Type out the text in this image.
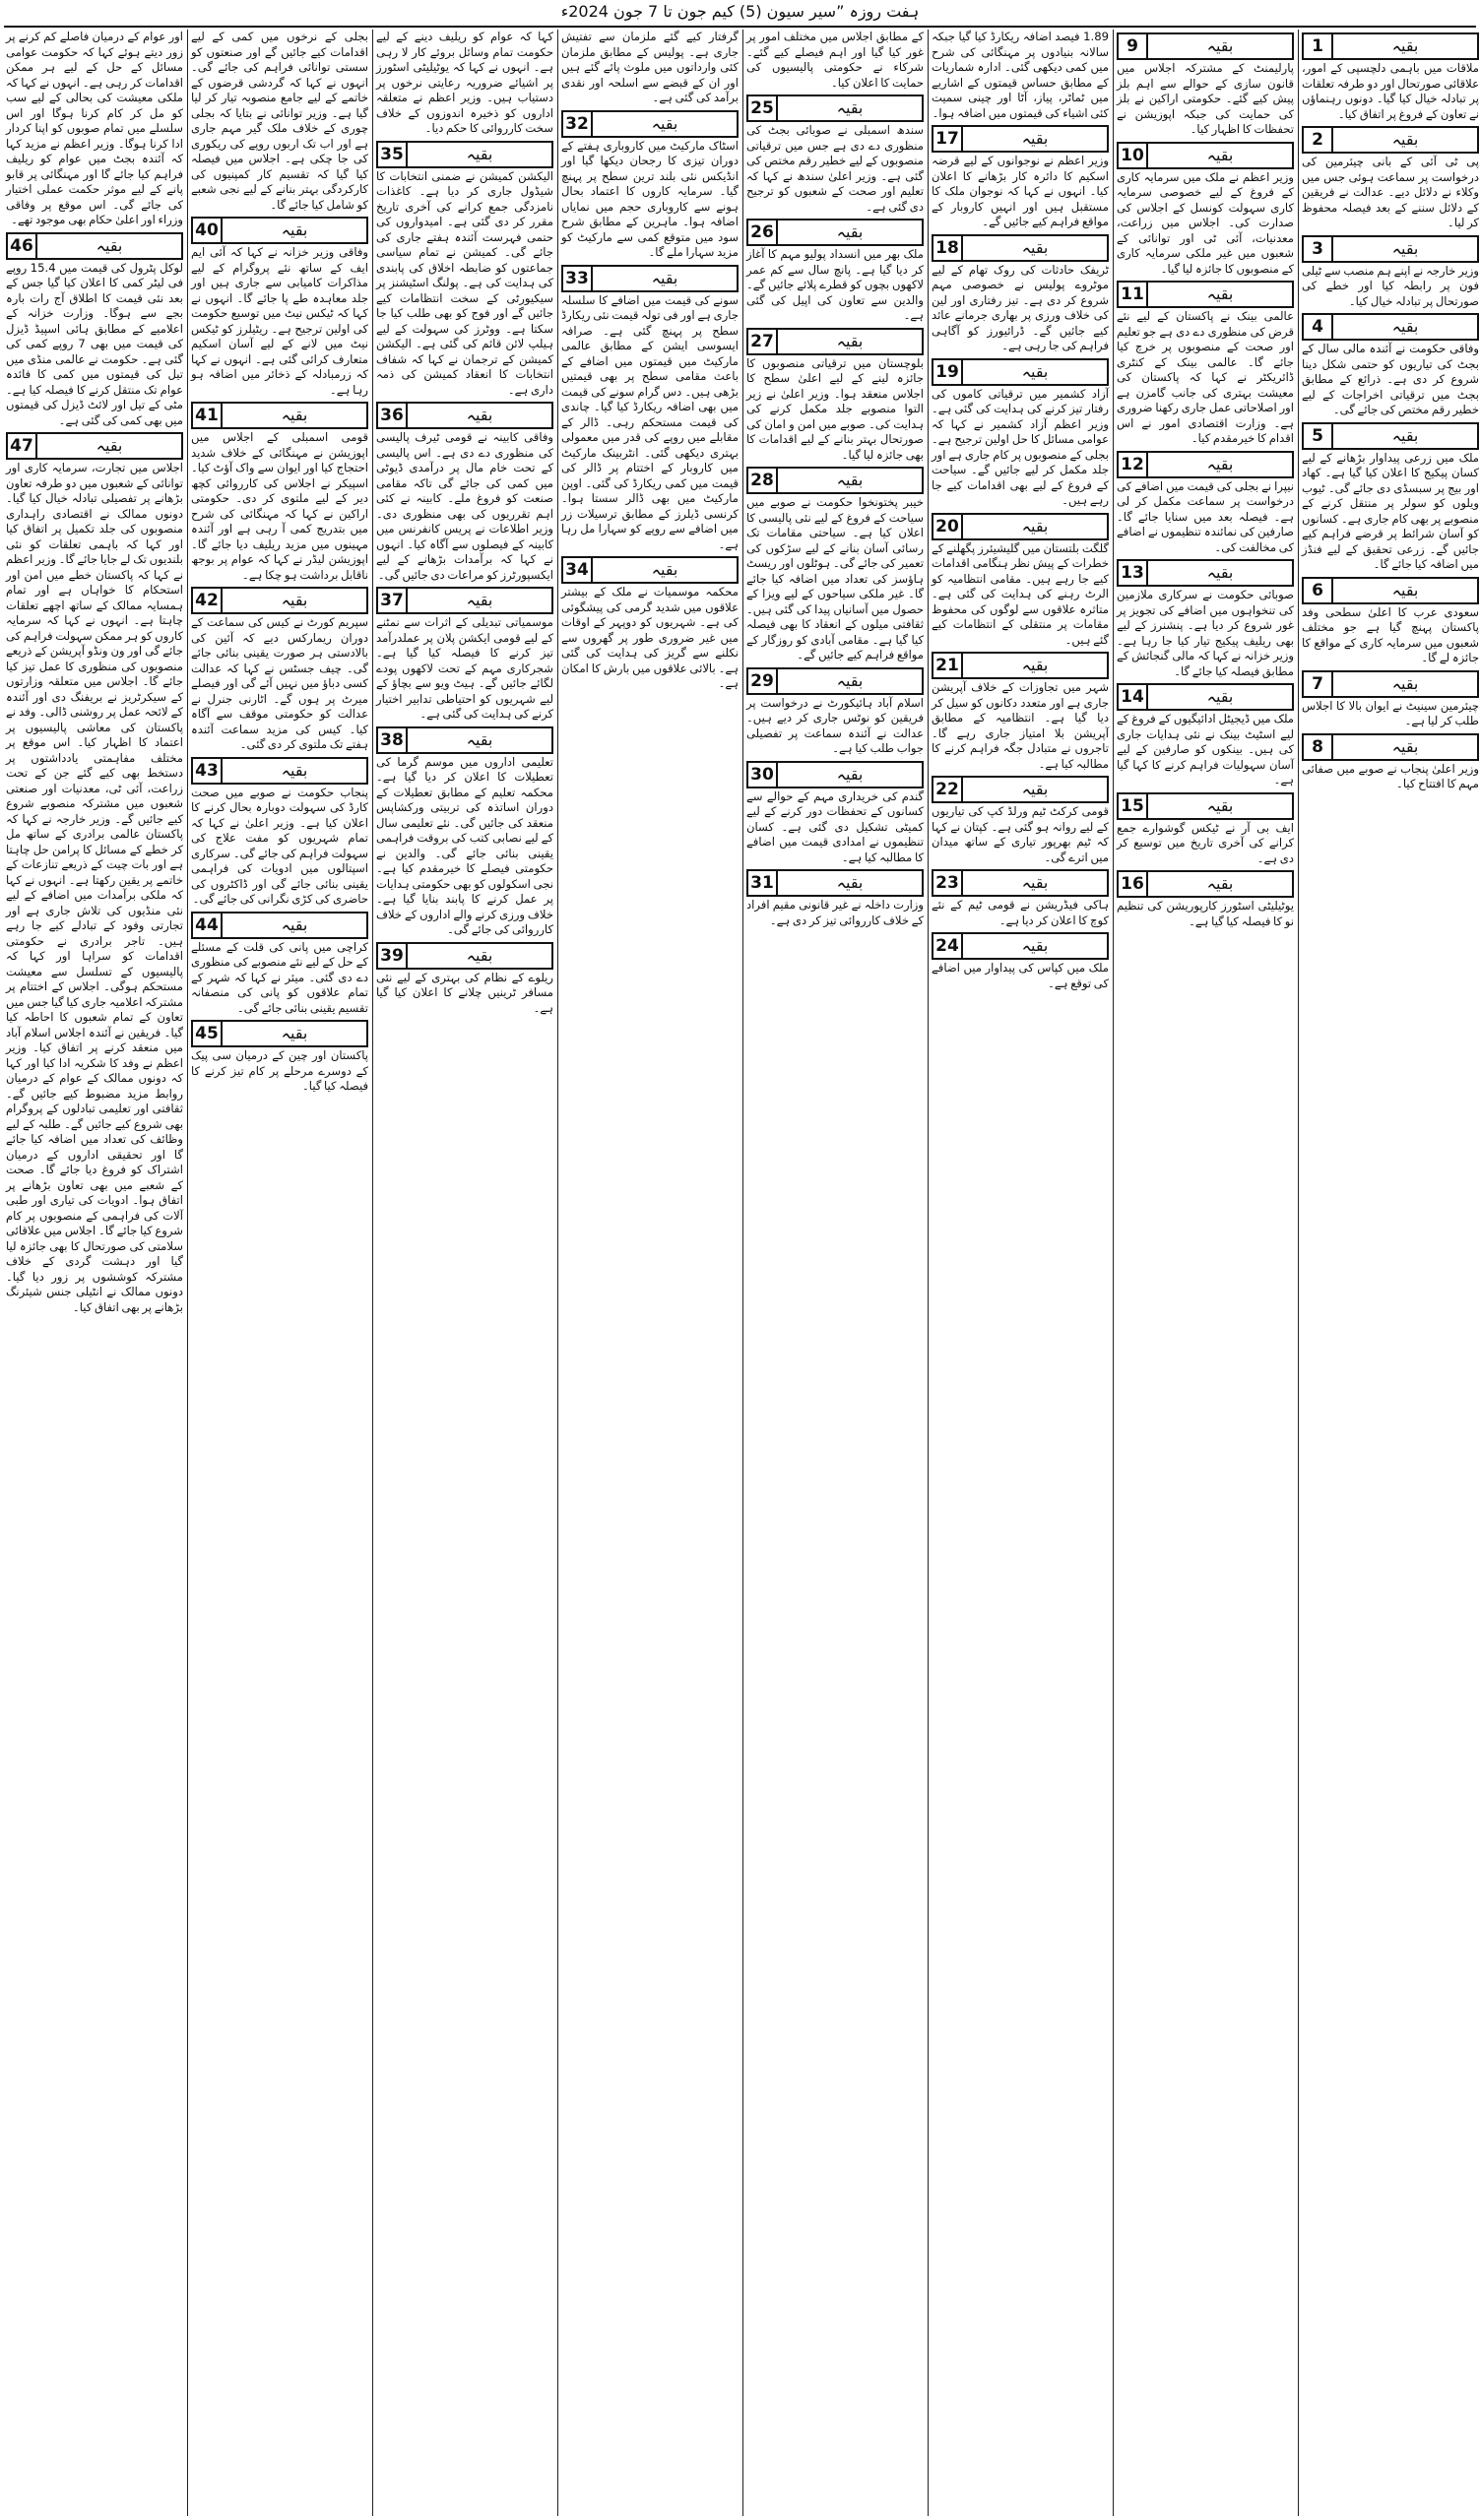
ہفت روزہ ”سیر سیون (5) کیم جون تا 7 جون 2024ء
اور عوام کے درمیان فاصلے کم کرنے پر زور دیتے ہوئے کہا کہ حکومت عوامی مسائل کے حل کے لیے ہر ممکن اقدامات کر رہی ہے۔ انہوں نے کہا کہ ملکی معیشت کی بحالی کے لیے سب کو مل کر کام کرنا ہوگا اور اس سلسلے میں تمام صوبوں کو اپنا کردار ادا کرنا ہوگا۔ وزیر اعظم نے مزید کہا کہ آئندہ بجٹ میں عوام کو ریلیف فراہم کیا جائے گا اور مہنگائی پر قابو پانے کے لیے موثر حکمت عملی اختیار کی جائے گی۔ اس موقع پر وفاقی وزراء اور اعلیٰ حکام بھی موجود تھے۔
46	بقیہ
لوکل پٹرول کی قیمت میں 15.4 روپے فی لیٹر کمی کا اعلان کیا گیا جس کے بعد نئی قیمت کا اطلاق آج رات بارہ بجے سے ہوگا۔ وزارت خزانہ کے اعلامیے کے مطابق ہائی اسپیڈ ڈیزل کی قیمت میں بھی 7 روپے کمی کی گئی ہے۔ حکومت نے عالمی منڈی میں تیل کی قیمتوں میں کمی کا فائدہ عوام تک منتقل کرنے کا فیصلہ کیا ہے۔ مٹی کے تیل اور لائٹ ڈیزل کی قیمتوں میں بھی کمی کی گئی ہے۔
47	بقیہ
اجلاس میں تجارت، سرمایہ کاری اور توانائی کے شعبوں میں دو طرفہ تعاون بڑھانے پر تفصیلی تبادلہ خیال کیا گیا۔ دونوں ممالک نے اقتصادی راہداری منصوبوں کی جلد تکمیل پر اتفاق کیا اور کہا کہ باہمی تعلقات کو نئی بلندیوں تک لے جایا جائے گا۔ وزیر اعظم نے کہا کہ پاکستان خطے میں امن اور استحکام کا خواہاں ہے اور تمام ہمسایہ ممالک کے ساتھ اچھے تعلقات چاہتا ہے۔ انہوں نے کہا کہ سرمایہ کاروں کو ہر ممکن سہولت فراہم کی جائے گی اور ون ونڈو آپریشن کے ذریعے منصوبوں کی منظوری کا عمل تیز کیا جائے گا۔ اجلاس میں متعلقہ وزارتوں کے سیکرٹریز نے بریفنگ دی اور آئندہ کے لائحہ عمل پر روشنی ڈالی۔ وفد نے پاکستان کی معاشی پالیسیوں پر اعتماد کا اظہار کیا۔ اس موقع پر مختلف مفاہمتی یادداشتوں پر دستخط بھی کیے گئے جن کے تحت زراعت، آئی ٹی، معدنیات اور صنعتی شعبوں میں مشترکہ منصوبے شروع کیے جائیں گے۔ وزیر خارجہ نے کہا کہ پاکستان عالمی برادری کے ساتھ مل کر خطے کے مسائل کا پرامن حل چاہتا ہے اور بات چیت کے ذریعے تنازعات کے خاتمے پر یقین رکھتا ہے۔ انہوں نے کہا کہ ملکی برآمدات میں اضافے کے لیے نئی منڈیوں کی تلاش جاری ہے اور تجارتی وفود کے تبادلے کیے جا رہے ہیں۔ تاجر برادری نے حکومتی اقدامات کو سراہا اور کہا کہ پالیسیوں کے تسلسل سے معیشت مستحکم ہوگی۔ اجلاس کے اختتام پر مشترکہ اعلامیہ جاری کیا گیا جس میں تعاون کے تمام شعبوں کا احاطہ کیا گیا۔ فریقین نے آئندہ اجلاس اسلام آباد میں منعقد کرنے پر اتفاق کیا۔ وزیر اعظم نے وفد کا شکریہ ادا کیا اور کہا کہ دونوں ممالک کے عوام کے درمیان روابط مزید مضبوط کیے جائیں گے۔ ثقافتی اور تعلیمی تبادلوں کے پروگرام بھی شروع کیے جائیں گے۔ طلبہ کے لیے وظائف کی تعداد میں اضافہ کیا جائے گا اور تحقیقی اداروں کے درمیان اشتراک کو فروغ دیا جائے گا۔ صحت کے شعبے میں بھی تعاون بڑھانے پر اتفاق ہوا۔ ادویات کی تیاری اور طبی آلات کی فراہمی کے منصوبوں پر کام شروع کیا جائے گا۔ اجلاس میں علاقائی سلامتی کی صورتحال کا بھی جائزہ لیا گیا اور دہشت گردی کے خلاف مشترکہ کوششوں پر زور دیا گیا۔ دونوں ممالک نے انٹیلی جنس شیئرنگ بڑھانے پر بھی اتفاق کیا۔
بجلی کے نرخوں میں کمی کے لیے اقدامات کیے جائیں گے اور صنعتوں کو سستی توانائی فراہم کی جائے گی۔ انہوں نے کہا کہ گردشی قرضوں کے خاتمے کے لیے جامع منصوبہ تیار کر لیا گیا ہے۔ وزیر توانائی نے بتایا کہ بجلی چوری کے خلاف ملک گیر مہم جاری ہے اور اب تک اربوں روپے کی ریکوری کی جا چکی ہے۔ اجلاس میں فیصلہ کیا گیا کہ تقسیم کار کمپنیوں کی کارکردگی بہتر بنانے کے لیے نجی شعبے کو شامل کیا جائے گا۔
40	بقیہ
وفاقی وزیر خزانہ نے کہا کہ آئی ایم ایف کے ساتھ نئے پروگرام کے لیے مذاکرات کامیابی سے جاری ہیں اور جلد معاہدہ طے پا جائے گا۔ انہوں نے کہا کہ ٹیکس نیٹ میں توسیع حکومت کی اولین ترجیح ہے۔ ریٹیلرز کو ٹیکس نیٹ میں لانے کے لیے آسان اسکیم متعارف کرائی گئی ہے۔ انہوں نے کہا کہ زرمبادلہ کے ذخائر میں اضافہ ہو رہا ہے۔
41	بقیہ
قومی اسمبلی کے اجلاس میں اپوزیشن نے مہنگائی کے خلاف شدید احتجاج کیا اور ایوان سے واک آؤٹ کیا۔ اسپیکر نے اجلاس کی کارروائی کچھ دیر کے لیے ملتوی کر دی۔ حکومتی اراکین نے کہا کہ مہنگائی کی شرح میں بتدریج کمی آ رہی ہے اور آئندہ مہینوں میں مزید ریلیف دیا جائے گا۔ اپوزیشن لیڈر نے کہا کہ عوام پر بوجھ ناقابل برداشت ہو چکا ہے۔
42	بقیہ
سپریم کورٹ نے کیس کی سماعت کے دوران ریمارکس دیے کہ آئین کی بالادستی ہر صورت یقینی بنائی جائے گی۔ چیف جسٹس نے کہا کہ عدالت کسی دباؤ میں نہیں آئے گی اور فیصلے میرٹ پر ہوں گے۔ اٹارنی جنرل نے عدالت کو حکومتی موقف سے آگاہ کیا۔ کیس کی مزید سماعت آئندہ ہفتے تک ملتوی کر دی گئی۔
43	بقیہ
پنجاب حکومت نے صوبے میں صحت کارڈ کی سہولت دوبارہ بحال کرنے کا اعلان کیا ہے۔ وزیر اعلیٰ نے کہا کہ تمام شہریوں کو مفت علاج کی سہولت فراہم کی جائے گی۔ سرکاری اسپتالوں میں ادویات کی فراہمی یقینی بنائی جائے گی اور ڈاکٹروں کی حاضری کی کڑی نگرانی کی جائے گی۔
44	بقیہ
کراچی میں پانی کی قلت کے مسئلے کے حل کے لیے نئے منصوبے کی منظوری دے دی گئی۔ میئر نے کہا کہ شہر کے تمام علاقوں کو پانی کی منصفانہ تقسیم یقینی بنائی جائے گی۔
45	بقیہ
پاکستان اور چین کے درمیان سی پیک کے دوسرے مرحلے پر کام تیز کرنے کا فیصلہ کیا گیا۔
کہا کہ عوام کو ریلیف دینے کے لیے حکومت تمام وسائل بروئے کار لا رہی ہے۔ انہوں نے کہا کہ یوٹیلیٹی اسٹورز پر اشیائے ضروریہ رعایتی نرخوں پر دستیاب ہیں۔ وزیر اعظم نے متعلقہ اداروں کو ذخیرہ اندوزوں کے خلاف سخت کارروائی کا حکم دیا۔
35	بقیہ
الیکشن کمیشن نے ضمنی انتخابات کا شیڈول جاری کر دیا ہے۔ کاغذات نامزدگی جمع کرانے کی آخری تاریخ مقرر کر دی گئی ہے۔ امیدواروں کی حتمی فہرست آئندہ ہفتے جاری کی جائے گی۔ کمیشن نے تمام سیاسی جماعتوں کو ضابطہ اخلاق کی پابندی کی ہدایت کی ہے۔ پولنگ اسٹیشنز پر سیکیورٹی کے سخت انتظامات کیے جائیں گے اور فوج کو بھی طلب کیا جا سکتا ہے۔ ووٹرز کی سہولت کے لیے ہیلپ لائن قائم کی گئی ہے۔ الیکشن کمیشن کے ترجمان نے کہا کہ شفاف انتخابات کا انعقاد کمیشن کی ذمہ داری ہے۔
36	بقیہ
وفاقی کابینہ نے قومی ٹیرف پالیسی کی منظوری دے دی ہے۔ اس پالیسی کے تحت خام مال پر درآمدی ڈیوٹی میں کمی کی جائے گی تاکہ مقامی صنعت کو فروغ ملے۔ کابینہ نے کئی اہم تقرریوں کی بھی منظوری دی۔ وزیر اطلاعات نے پریس کانفرنس میں کابینہ کے فیصلوں سے آگاہ کیا۔ انہوں نے کہا کہ برآمدات بڑھانے کے لیے ایکسپورٹرز کو مراعات دی جائیں گی۔
37	بقیہ
موسمیاتی تبدیلی کے اثرات سے نمٹنے کے لیے قومی ایکشن پلان پر عملدرآمد تیز کرنے کا فیصلہ کیا گیا ہے۔ شجرکاری مہم کے تحت لاکھوں پودے لگائے جائیں گے۔ ہیٹ ویو سے بچاؤ کے لیے شہریوں کو احتیاطی تدابیر اختیار کرنے کی ہدایت کی گئی ہے۔
38	بقیہ
تعلیمی اداروں میں موسم گرما کی تعطیلات کا اعلان کر دیا گیا ہے۔ محکمہ تعلیم کے مطابق تعطیلات کے دوران اساتذہ کی تربیتی ورکشاپس منعقد کی جائیں گی۔ نئے تعلیمی سال کے لیے نصابی کتب کی بروقت فراہمی یقینی بنائی جائے گی۔ والدین نے حکومتی فیصلے کا خیرمقدم کیا ہے۔ نجی اسکولوں کو بھی حکومتی ہدایات پر عمل کرنے کا پابند بنایا گیا ہے۔ خلاف ورزی کرنے والے اداروں کے خلاف کارروائی کی جائے گی۔
39	بقیہ
ریلوے کے نظام کی بہتری کے لیے نئی مسافر ٹرینیں چلانے کا اعلان کیا گیا ہے۔
گرفتار کیے گئے ملزمان سے تفتیش جاری ہے۔ پولیس کے مطابق ملزمان کئی وارداتوں میں ملوث پائے گئے ہیں اور ان کے قبضے سے اسلحہ اور نقدی برآمد کی گئی ہے۔
32	بقیہ
اسٹاک مارکیٹ میں کاروباری ہفتے کے دوران تیزی کا رجحان دیکھا گیا اور انڈیکس نئی بلند ترین سطح پر پہنچ گیا۔ سرمایہ کاروں کا اعتماد بحال ہونے سے کاروباری حجم میں نمایاں اضافہ ہوا۔ ماہرین کے مطابق شرح سود میں متوقع کمی سے مارکیٹ کو مزید سہارا ملے گا۔
33	بقیہ
سونے کی قیمت میں اضافے کا سلسلہ جاری ہے اور فی تولہ قیمت نئی ریکارڈ سطح پر پہنچ گئی ہے۔ صرافہ ایسوسی ایشن کے مطابق عالمی مارکیٹ میں قیمتوں میں اضافے کے باعث مقامی سطح پر بھی قیمتیں بڑھی ہیں۔ دس گرام سونے کی قیمت میں بھی اضافہ ریکارڈ کیا گیا۔ چاندی کی قیمت مستحکم رہی۔ ڈالر کے مقابلے میں روپے کی قدر میں معمولی بہتری دیکھی گئی۔ انٹربینک مارکیٹ میں کاروبار کے اختتام پر ڈالر کی قیمت میں کمی ریکارڈ کی گئی۔ اوپن مارکیٹ میں بھی ڈالر سستا ہوا۔ کرنسی ڈیلرز کے مطابق ترسیلات زر میں اضافے سے روپے کو سہارا مل رہا ہے۔
34	بقیہ
محکمہ موسمیات نے ملک کے بیشتر علاقوں میں شدید گرمی کی پیشگوئی کی ہے۔ شہریوں کو دوپہر کے اوقات میں غیر ضروری طور پر گھروں سے نکلنے سے گریز کی ہدایت کی گئی ہے۔ بالائی علاقوں میں بارش کا امکان ہے۔
کے مطابق اجلاس میں مختلف امور پر غور کیا گیا اور اہم فیصلے کیے گئے۔ شرکاء نے حکومتی پالیسیوں کی حمایت کا اعلان کیا۔
25	بقیہ
سندھ اسمبلی نے صوبائی بجٹ کی منظوری دے دی ہے جس میں ترقیاتی منصوبوں کے لیے خطیر رقم مختص کی گئی ہے۔ وزیر اعلیٰ سندھ نے کہا کہ تعلیم اور صحت کے شعبوں کو ترجیح دی گئی ہے۔
26	بقیہ
ملک بھر میں انسداد پولیو مہم کا آغاز کر دیا گیا ہے۔ پانچ سال سے کم عمر لاکھوں بچوں کو قطرے پلائے جائیں گے۔ والدین سے تعاون کی اپیل کی گئی ہے۔
27	بقیہ
بلوچستان میں ترقیاتی منصوبوں کا جائزہ لینے کے لیے اعلیٰ سطح کا اجلاس منعقد ہوا۔ وزیر اعلیٰ نے زیر التوا منصوبے جلد مکمل کرنے کی ہدایت کی۔ صوبے میں امن و امان کی صورتحال بہتر بنانے کے لیے اقدامات کا بھی جائزہ لیا گیا۔
28	بقیہ
خیبر پختونخوا حکومت نے صوبے میں سیاحت کے فروغ کے لیے نئی پالیسی کا اعلان کیا ہے۔ سیاحتی مقامات تک رسائی آسان بنانے کے لیے سڑکوں کی تعمیر کی جائے گی۔ ہوٹلوں اور ریسٹ ہاؤسز کی تعداد میں اضافہ کیا جائے گا۔ غیر ملکی سیاحوں کے لیے ویزا کے حصول میں آسانیاں پیدا کی گئی ہیں۔ ثقافتی میلوں کے انعقاد کا بھی فیصلہ کیا گیا ہے۔ مقامی آبادی کو روزگار کے مواقع فراہم کیے جائیں گے۔
29	بقیہ
اسلام آباد ہائیکورٹ نے درخواست پر فریقین کو نوٹس جاری کر دیے ہیں۔ عدالت نے آئندہ سماعت پر تفصیلی جواب طلب کیا ہے۔
30	بقیہ
گندم کی خریداری مہم کے حوالے سے کسانوں کے تحفظات دور کرنے کے لیے کمیٹی تشکیل دی گئی ہے۔ کسان تنظیموں نے امدادی قیمت میں اضافے کا مطالبہ کیا ہے۔
31	بقیہ
وزارت داخلہ نے غیر قانونی مقیم افراد کے خلاف کارروائی تیز کر دی ہے۔
1.89 فیصد اضافہ ریکارڈ کیا گیا جبکہ سالانہ بنیادوں پر مہنگائی کی شرح میں کمی دیکھی گئی۔ ادارہ شماریات کے مطابق حساس قیمتوں کے اشاریے میں ٹماٹر، پیاز، آٹا اور چینی سمیت کئی اشیاء کی قیمتوں میں اضافہ ہوا۔
17	بقیہ
وزیر اعظم نے نوجوانوں کے لیے قرضہ اسکیم کا دائرہ کار بڑھانے کا اعلان کیا۔ انہوں نے کہا کہ نوجوان ملک کا مستقبل ہیں اور انہیں کاروبار کے مواقع فراہم کیے جائیں گے۔
18	بقیہ
ٹریفک حادثات کی روک تھام کے لیے موٹروے پولیس نے خصوصی مہم شروع کر دی ہے۔ تیز رفتاری اور لین کی خلاف ورزی پر بھاری جرمانے عائد کیے جائیں گے۔ ڈرائیورز کو آگاہی فراہم کی جا رہی ہے۔
19	بقیہ
آزاد کشمیر میں ترقیاتی کاموں کی رفتار تیز کرنے کی ہدایت کی گئی ہے۔ وزیر اعظم آزاد کشمیر نے کہا کہ عوامی مسائل کا حل اولین ترجیح ہے۔ بجلی کے منصوبوں پر کام جاری ہے اور جلد مکمل کر لیے جائیں گے۔ سیاحت کے فروغ کے لیے بھی اقدامات کیے جا رہے ہیں۔
20	بقیہ
گلگت بلتستان میں گلیشیئرز پگھلنے کے خطرات کے پیش نظر ہنگامی اقدامات کیے جا رہے ہیں۔ مقامی انتظامیہ کو الرٹ رہنے کی ہدایت کی گئی ہے۔ متاثرہ علاقوں سے لوگوں کی محفوظ مقامات پر منتقلی کے انتظامات کیے گئے ہیں۔
21	بقیہ
شہر میں تجاوزات کے خلاف آپریشن جاری ہے اور متعدد دکانوں کو سیل کر دیا گیا ہے۔ انتظامیہ کے مطابق آپریشن بلا امتیاز جاری رہے گا۔ تاجروں نے متبادل جگہ فراہم کرنے کا مطالبہ کیا ہے۔
22	بقیہ
قومی کرکٹ ٹیم ورلڈ کپ کی تیاریوں کے لیے روانہ ہو گئی ہے۔ کپتان نے کہا کہ ٹیم بھرپور تیاری کے ساتھ میدان میں اترے گی۔
23	بقیہ
ہاکی فیڈریشن نے قومی ٹیم کے نئے کوچ کا اعلان کر دیا ہے۔
24	بقیہ
ملک میں کپاس کی پیداوار میں اضافے کی توقع ہے۔
9	بقیہ
پارلیمنٹ کے مشترکہ اجلاس میں قانون سازی کے حوالے سے اہم بلز پیش کیے گئے۔ حکومتی اراکین نے بلز کی حمایت کی جبکہ اپوزیشن نے تحفظات کا اظہار کیا۔
10	بقیہ
وزیر اعظم نے ملک میں سرمایہ کاری کے فروغ کے لیے خصوصی سرمایہ کاری سہولت کونسل کے اجلاس کی صدارت کی۔ اجلاس میں زراعت، معدنیات، آئی ٹی اور توانائی کے شعبوں میں غیر ملکی سرمایہ کاری کے منصوبوں کا جائزہ لیا گیا۔
11	بقیہ
عالمی بینک نے پاکستان کے لیے نئے قرض کی منظوری دے دی ہے جو تعلیم اور صحت کے منصوبوں پر خرچ کیا جائے گا۔ عالمی بینک کے کنٹری ڈائریکٹر نے کہا کہ پاکستان کی معیشت بہتری کی جانب گامزن ہے اور اصلاحاتی عمل جاری رکھنا ضروری ہے۔ وزارت اقتصادی امور نے اس اقدام کا خیرمقدم کیا۔
12	بقیہ
نیپرا نے بجلی کی قیمت میں اضافے کی درخواست پر سماعت مکمل کر لی ہے۔ فیصلہ بعد میں سنایا جائے گا۔ صارفین کی نمائندہ تنظیموں نے اضافے کی مخالفت کی۔
13	بقیہ
صوبائی حکومت نے سرکاری ملازمین کی تنخواہوں میں اضافے کی تجویز پر غور شروع کر دیا ہے۔ پنشنرز کے لیے بھی ریلیف پیکیج تیار کیا جا رہا ہے۔ وزیر خزانہ نے کہا کہ مالی گنجائش کے مطابق فیصلہ کیا جائے گا۔
14	بقیہ
ملک میں ڈیجیٹل ادائیگیوں کے فروغ کے لیے اسٹیٹ بینک نے نئی ہدایات جاری کی ہیں۔ بینکوں کو صارفین کے لیے آسان سہولیات فراہم کرنے کا کہا گیا ہے۔
15	بقیہ
ایف بی آر نے ٹیکس گوشوارے جمع کرانے کی آخری تاریخ میں توسیع کر دی ہے۔
16	بقیہ
یوٹیلیٹی اسٹورز کارپوریشن کی تنظیم نو کا فیصلہ کیا گیا ہے۔
1	بقیہ
ملاقات میں باہمی دلچسپی کے امور، علاقائی صورتحال اور دو طرفہ تعلقات پر تبادلہ خیال کیا گیا۔ دونوں رہنماؤں نے تعاون کے فروغ پر اتفاق کیا۔
2	بقیہ
پی ٹی آئی کے بانی چیئرمین کی درخواست پر سماعت ہوئی جس میں وکلاء نے دلائل دیے۔ عدالت نے فریقین کے دلائل سننے کے بعد فیصلہ محفوظ کر لیا۔
3	بقیہ
وزیر خارجہ نے اپنے ہم منصب سے ٹیلی فون پر رابطہ کیا اور خطے کی صورتحال پر تبادلہ خیال کیا۔
4	بقیہ
وفاقی حکومت نے آئندہ مالی سال کے بجٹ کی تیاریوں کو حتمی شکل دینا شروع کر دی ہے۔ ذرائع کے مطابق بجٹ میں ترقیاتی اخراجات کے لیے خطیر رقم مختص کی جائے گی۔
5	بقیہ
ملک میں زرعی پیداوار بڑھانے کے لیے کسان پیکیج کا اعلان کیا گیا ہے۔ کھاد اور بیج پر سبسڈی دی جائے گی۔ ٹیوب ویلوں کو سولر پر منتقل کرنے کے منصوبے پر بھی کام جاری ہے۔ کسانوں کو آسان شرائط پر قرضے فراہم کیے جائیں گے۔ زرعی تحقیق کے لیے فنڈز میں اضافہ کیا جائے گا۔
6	بقیہ
سعودی عرب کا اعلیٰ سطحی وفد پاکستان پہنچ گیا ہے جو مختلف شعبوں میں سرمایہ کاری کے مواقع کا جائزہ لے گا۔
7	بقیہ
چیئرمین سینیٹ نے ایوان بالا کا اجلاس طلب کر لیا ہے۔
8	بقیہ
وزیر اعلیٰ پنجاب نے صوبے میں صفائی مہم کا افتتاح کیا۔
